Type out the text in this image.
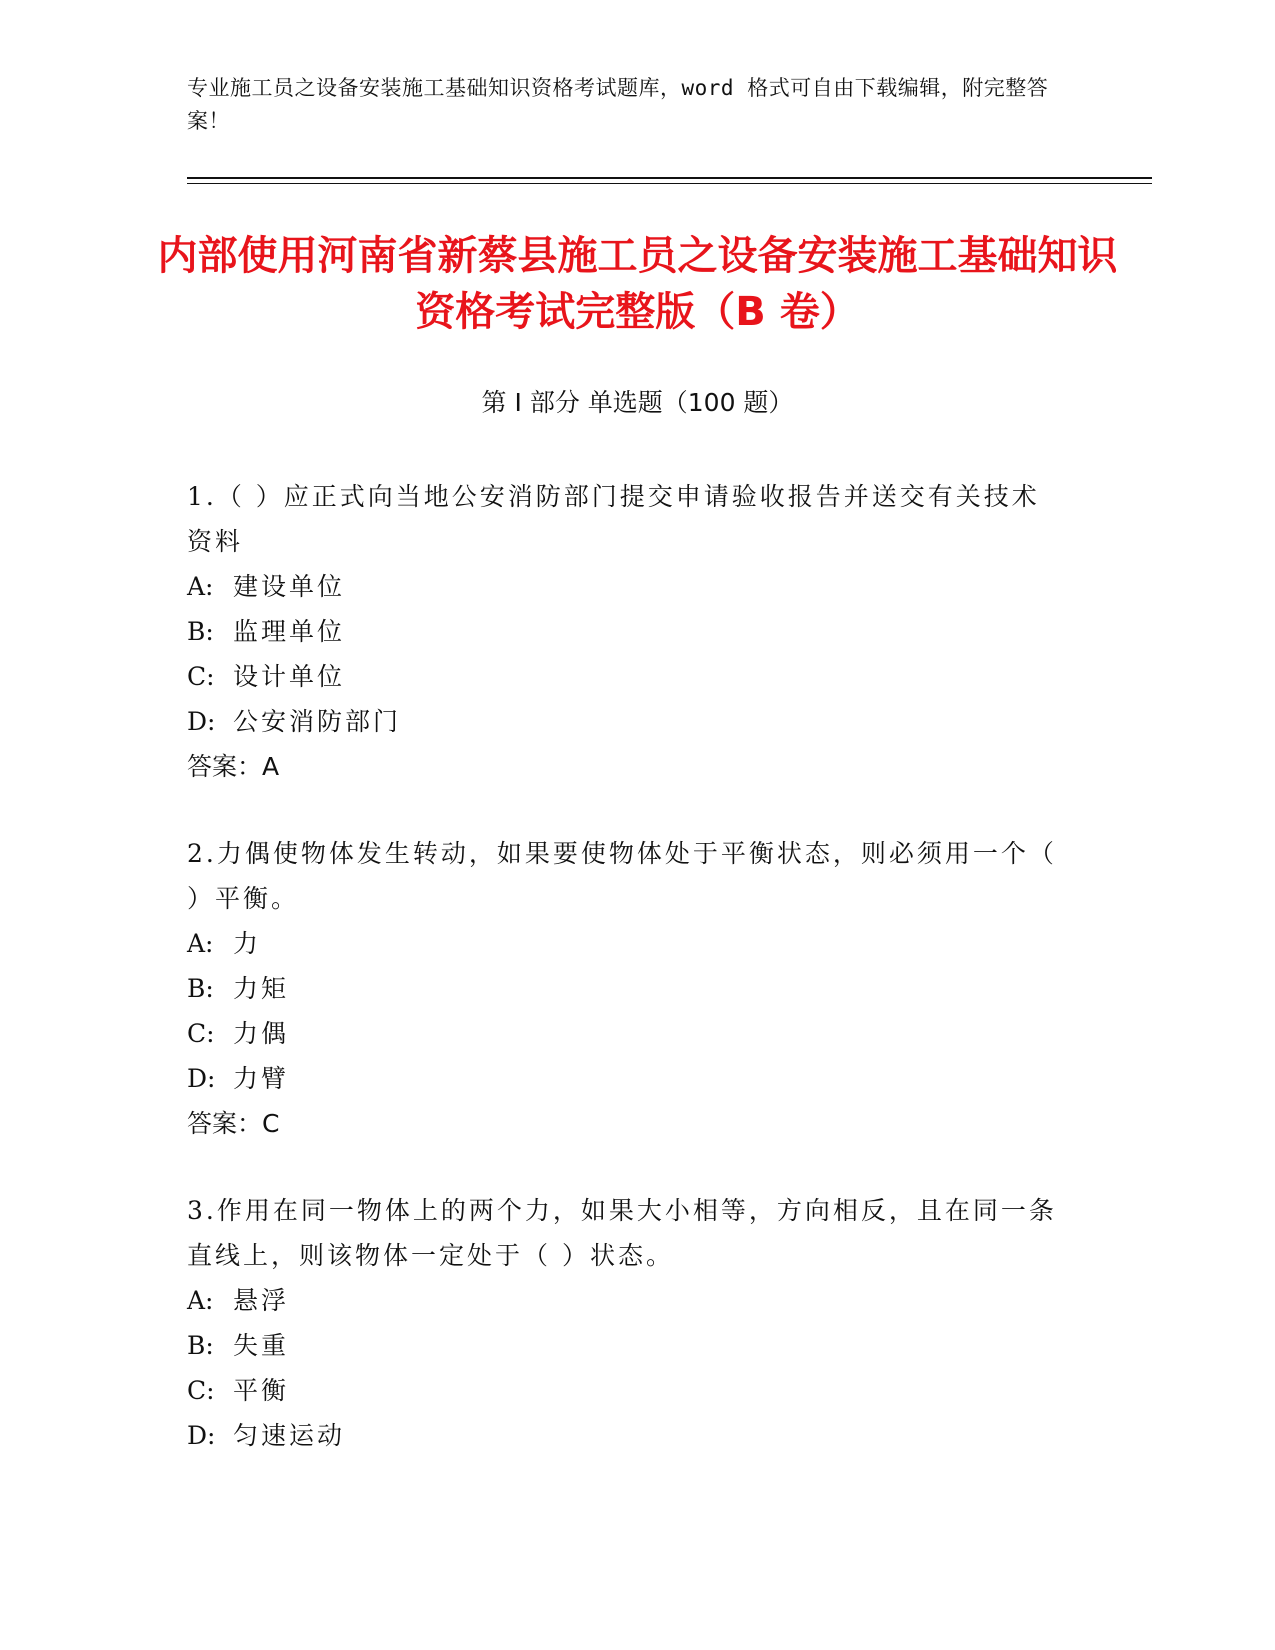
专业施工员之设备安装施工基础知识资格考试题库，word 格式可自由下载编辑，附完整答案！
内部使用河南省新蔡县施工员之设备安装施工基础知识资格考试完整版（B 卷）
第 I 部分 单选题（100 题）
1.（ ）应正式向当地公安消防部门提交申请验收报告并送交有关技术资料
A: 建设单位
B: 监理单位
C: 设计单位
D: 公安消防部门
答案：A
2.力偶使物体发生转动，如果要使物体处于平衡状态，则必须用一个（ ）平衡。
A: 力
B: 力矩
C: 力偶
D: 力臂
答案：C
3.作用在同一物体上的两个力，如果大小相等，方向相反，且在同一条直线上，则该物体一定处于（ ）状态。
A: 悬浮
B: 失重
C: 平衡
D: 匀速运动
